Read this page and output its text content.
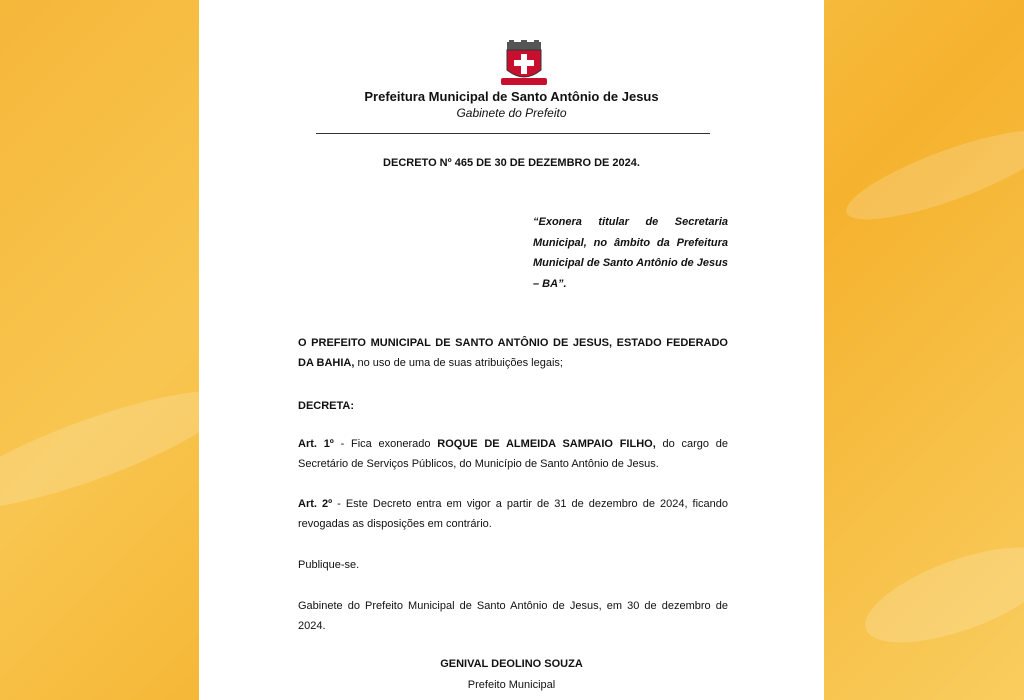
Prefeitura Municipal de Santo Antônio de Jesus
Gabinete do Prefeito
DECRETO Nº 465 DE 30 DE DEZEMBRO DE 2024.
“Exonera titular de Secretaria Municipal, no âmbito da Prefeitura Municipal de Santo Antônio de Jesus – BA”.
O PREFEITO MUNICIPAL DE SANTO ANTÔNIO DE JESUS, ESTADO FEDERADO DA BAHIA, no uso de uma de suas atribuições legais;
DECRETA:
Art. 1º - Fica exonerado ROQUE DE ALMEIDA SAMPAIO FILHO, do cargo de Secretário de Serviços Públicos, do Município de Santo Antônio de Jesus.
Art. 2º - Este Decreto entra em vigor a partir de 31 de dezembro de 2024, ficando revogadas as disposições em contrário.
Publique-se.
Gabinete do Prefeito Municipal de Santo Antônio de Jesus, em 30 de dezembro de 2024.
GENIVAL DEOLINO SOUZA
Prefeito Municipal
